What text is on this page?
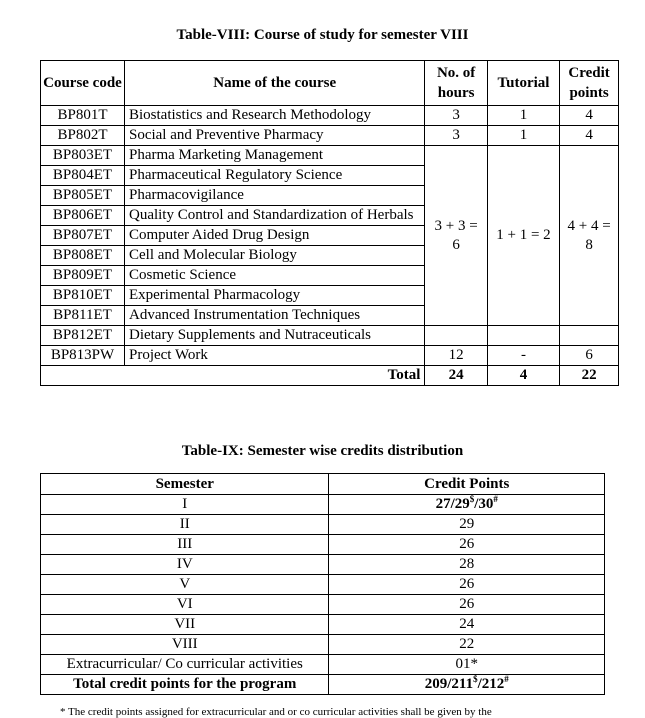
Table-VIII: Course of study for semester VIII
Course code	Name of the course	No. of hours	Tutorial	Credit points
BP801T	Biostatistics and Research Methodology	3	1	4
BP802T	Social and Preventive Pharmacy	3	1	4
BP803ET	Pharma Marketing Management	3 + 3 = 6	1 + 1 = 2	4 + 4 = 8
BP804ET	Pharmaceutical Regulatory Science			
BP805ET	Pharmacovigilance			
BP806ET	Quality Control and Standardization of Herbals			
BP807ET	Computer Aided Drug Design			
BP808ET	Cell and Molecular Biology			
BP809ET	Cosmetic Science			
BP810ET	Experimental Pharmacology			
BP811ET	Advanced Instrumentation Techniques			
BP812ET	Dietary Supplements and Nutraceuticals			
BP813PW	Project Work	12	-	6
Total		24	4	22
Table-IX: Semester wise credits distribution
Semester	Credit Points
I	27/29$/30#
II	29
III	26
IV	28
V	26
VI	26
VII	24
VIII	22
Extracurricular/ Co curricular activities	01*
Total credit points for the program	209/211$/212#
* The credit points assigned for extracurricular and or co curricular activities shall be given by the
